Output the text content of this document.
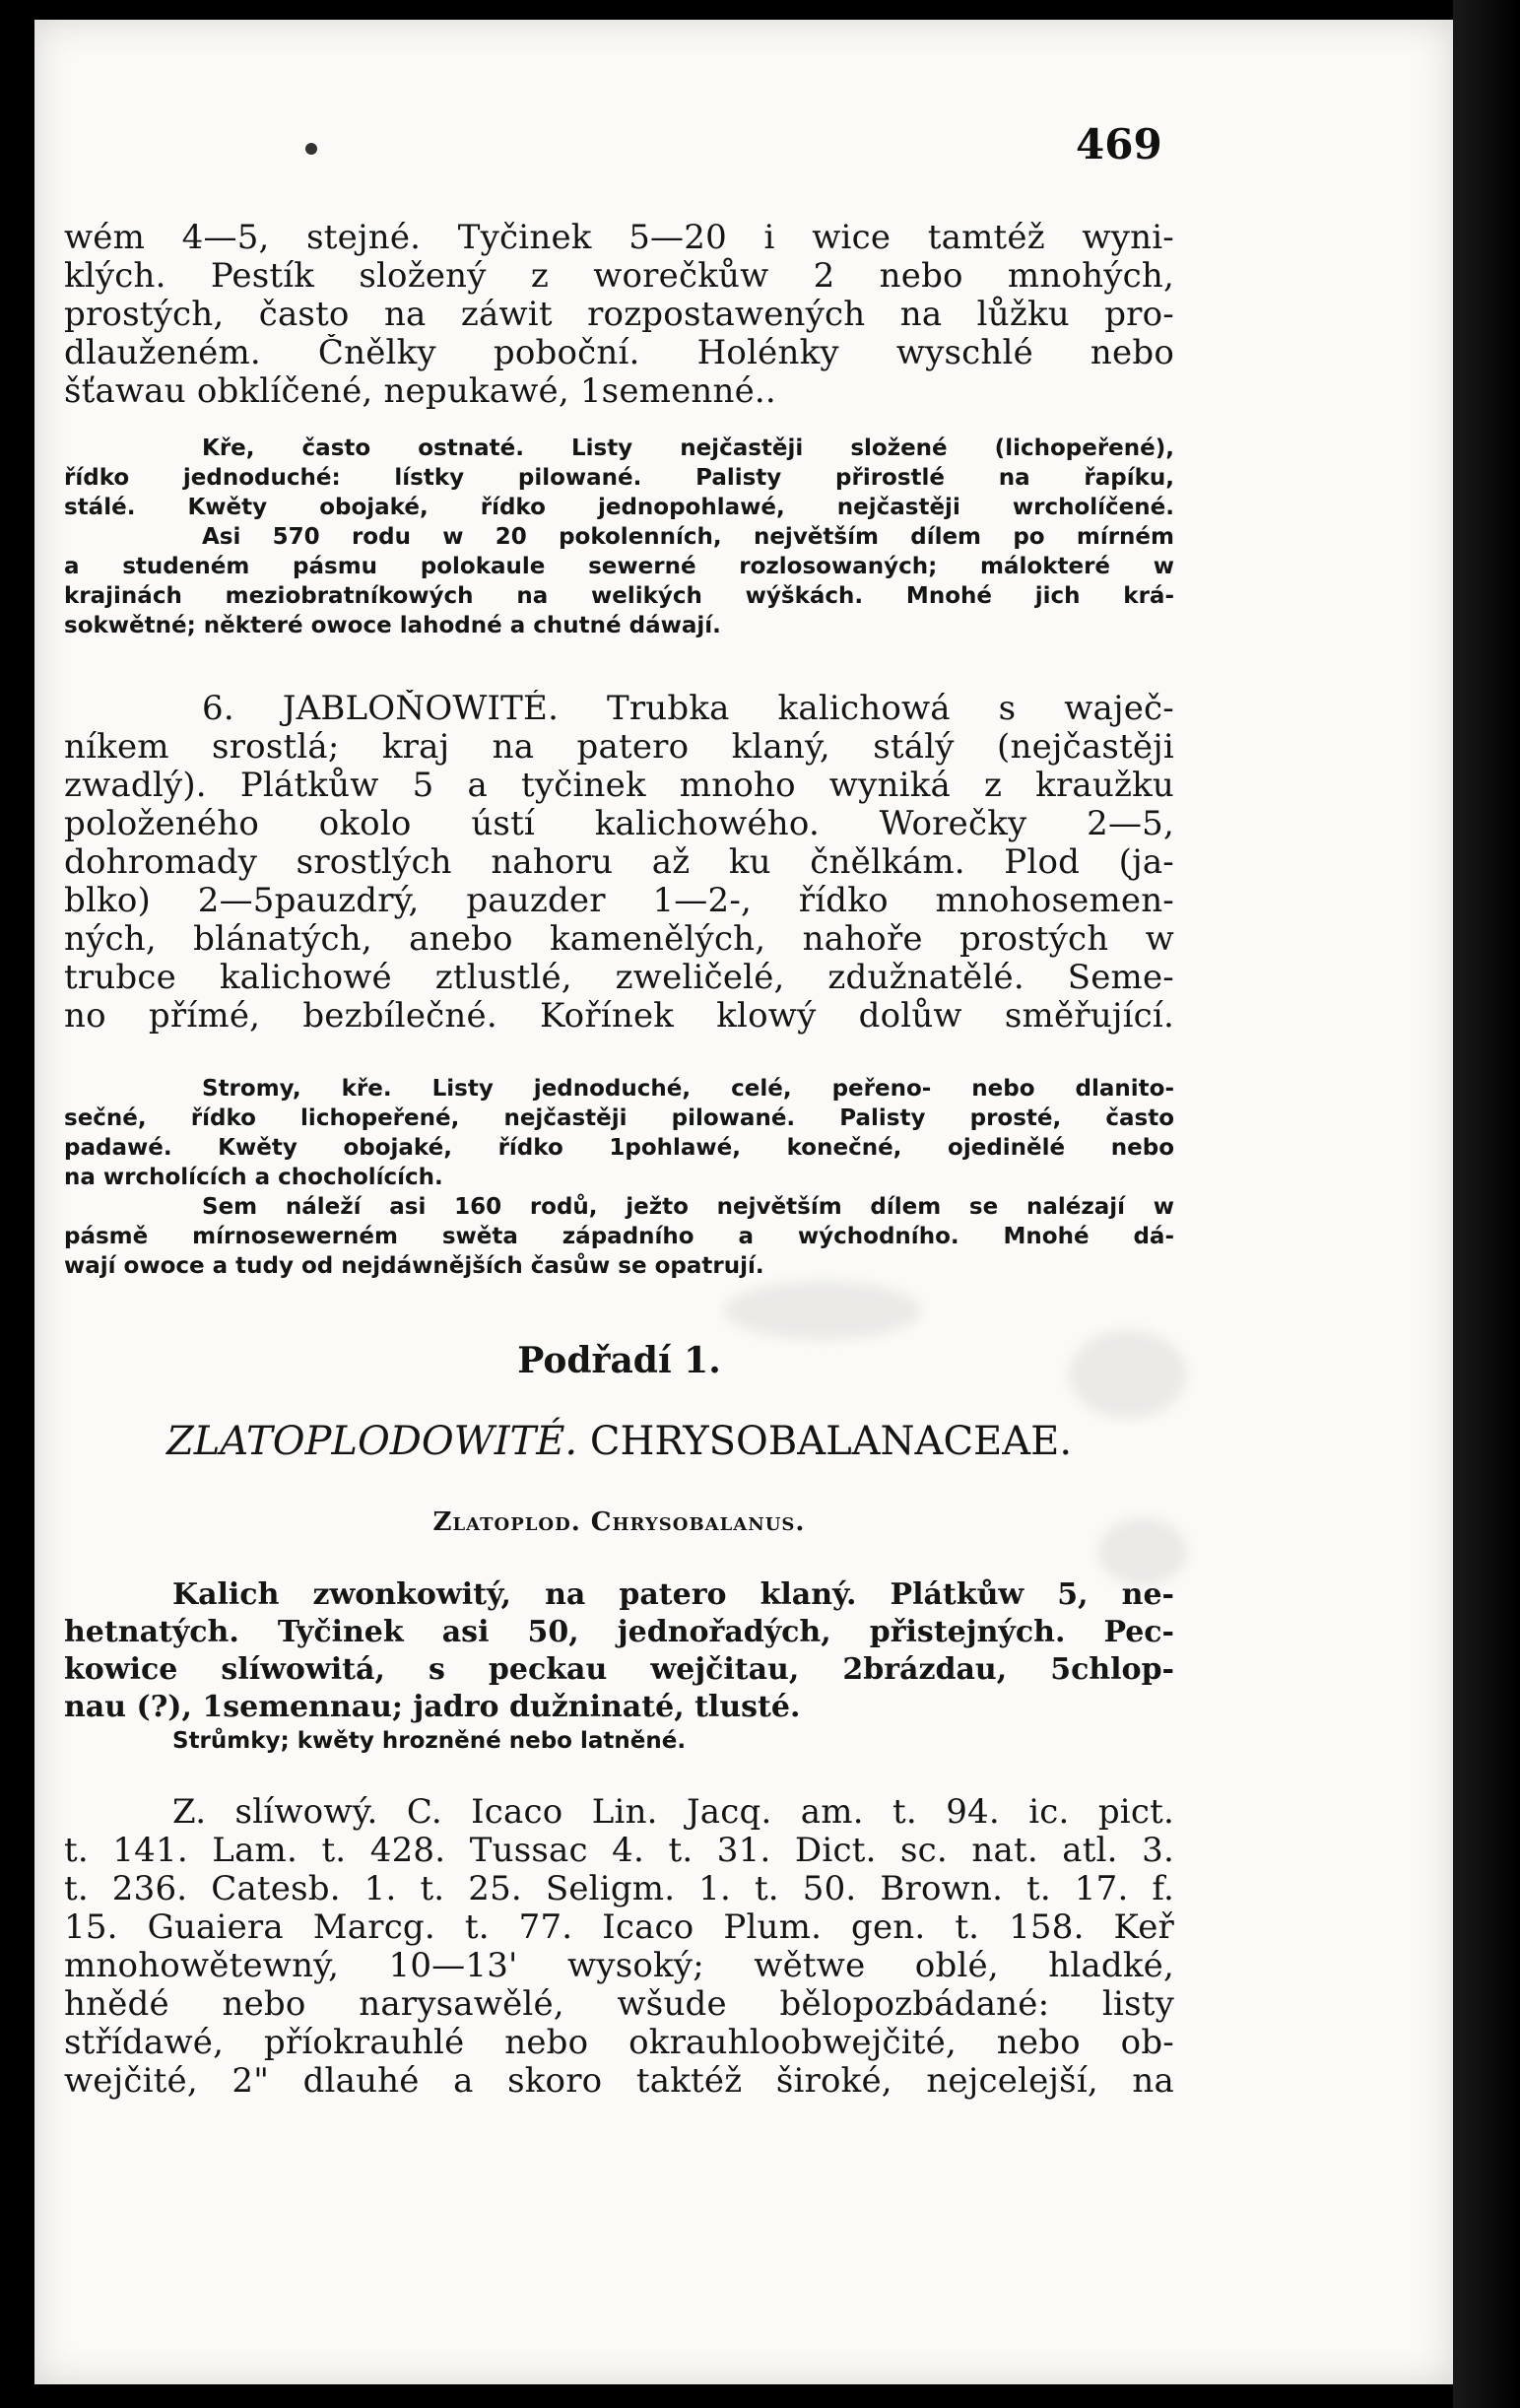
469
wém 4—5, stejné. Tyčinek 5—20 i wice tamtéž wyni-
klých. Pestík složený z worečkůw 2 nebo mnohých,
prostých, často na záwit rozpostawených na lůžku pro-
dlauženém. Čnělky poboční. Holénky wyschlé nebo
šťawau obklíčené, nepukawé, 1semenné..
Kře, často ostnaté. Listy nejčastěji složené (lichopeřené),
řídko jednoduché: lístky pilowané. Palisty přirostlé na řapíku,
stálé. Kwěty obojaké, řídko jednopohlawé, nejčastěji wrcholíčené.
Asi 570 rodu w 20 pokolenních, největším dílem po mírném
a studeném pásmu polokaule sewerné rozlosowaných; málokteré w
krajinách meziobratníkowých na welikých wýškách. Mnohé jich krá-
sokwětné; některé owoce lahodné a chutné dáwají.
6. JABLOŇOWITÉ. Trubka kalichowá s waječ-
níkem srostlá; kraj na patero klaný, stálý (nejčastěji
zwadlý). Plátkůw 5 a tyčinek mnoho wyniká z kraužku
položeného okolo ústí kalichowého. Worečky 2—5,
dohromady srostlých nahoru až ku čnělkám. Plod (ja-
blko) 2—5pauzdrý, pauzder 1—2-, řídko mnohosemen-
ných, blánatých, anebo kamenělých, nahoře prostých w
trubce kalichowé ztlustlé, zweličelé, zdužnatělé. Seme-
no přímé, bezbílečné. Kořínek klowý dolůw směřující.
Stromy, kře. Listy jednoduché, celé, peřeno- nebo dlanito-
sečné, řídko lichopeřené, nejčastěji pilowané. Palisty prosté, často
padawé. Kwěty obojaké, řídko 1pohlawé, konečné, ojedinělé nebo
na wrcholících a chocholících.
Sem náleží asi 160 rodů, ježto největším dílem se nalézají w
pásmě mírnosewerném swěta západního a wýchodního. Mnohé dá-
wají owoce a tudy od nejdáwnějších časůw se opatrují.
Podřadí 1.
ZLATOPLODOWITÉ. CHRYSOBALANACEAE.
Zlatoplod. Chrysobalanus.
Kalich zwonkowitý, na patero klaný. Plátkůw 5, ne-
hetnatých. Tyčinek asi 50, jednořadých, přistejných. Pec-
kowice slíwowitá, s peckau wejčitau, 2brázdau, 5chlop-
nau (?), 1semennau; jadro dužninaté, tlusté.
Strůmky; kwěty hrozněné nebo latněné.
Z. slíwowý. C. Icaco Lin. Jacq. am. t. 94. ic. pict.
t. 141. Lam. t. 428. Tussac 4. t. 31. Dict. sc. nat. atl. 3.
t. 236. Catesb. 1. t. 25. Seligm. 1. t. 50. Brown. t. 17. f.
15. Guaiera Marcg. t. 77. Icaco Plum. gen. t. 158. Keř
mnohowětewný, 10—13' wysoký; wětwe oblé, hladké,
hnědé nebo narysawělé, wšude bělopozbádané: listy
střídawé, příokrauhlé nebo okrauhloobwejčité, nebo ob-
wejčité, 2" dlauhé a skoro taktéž široké, nejcelejší, na
